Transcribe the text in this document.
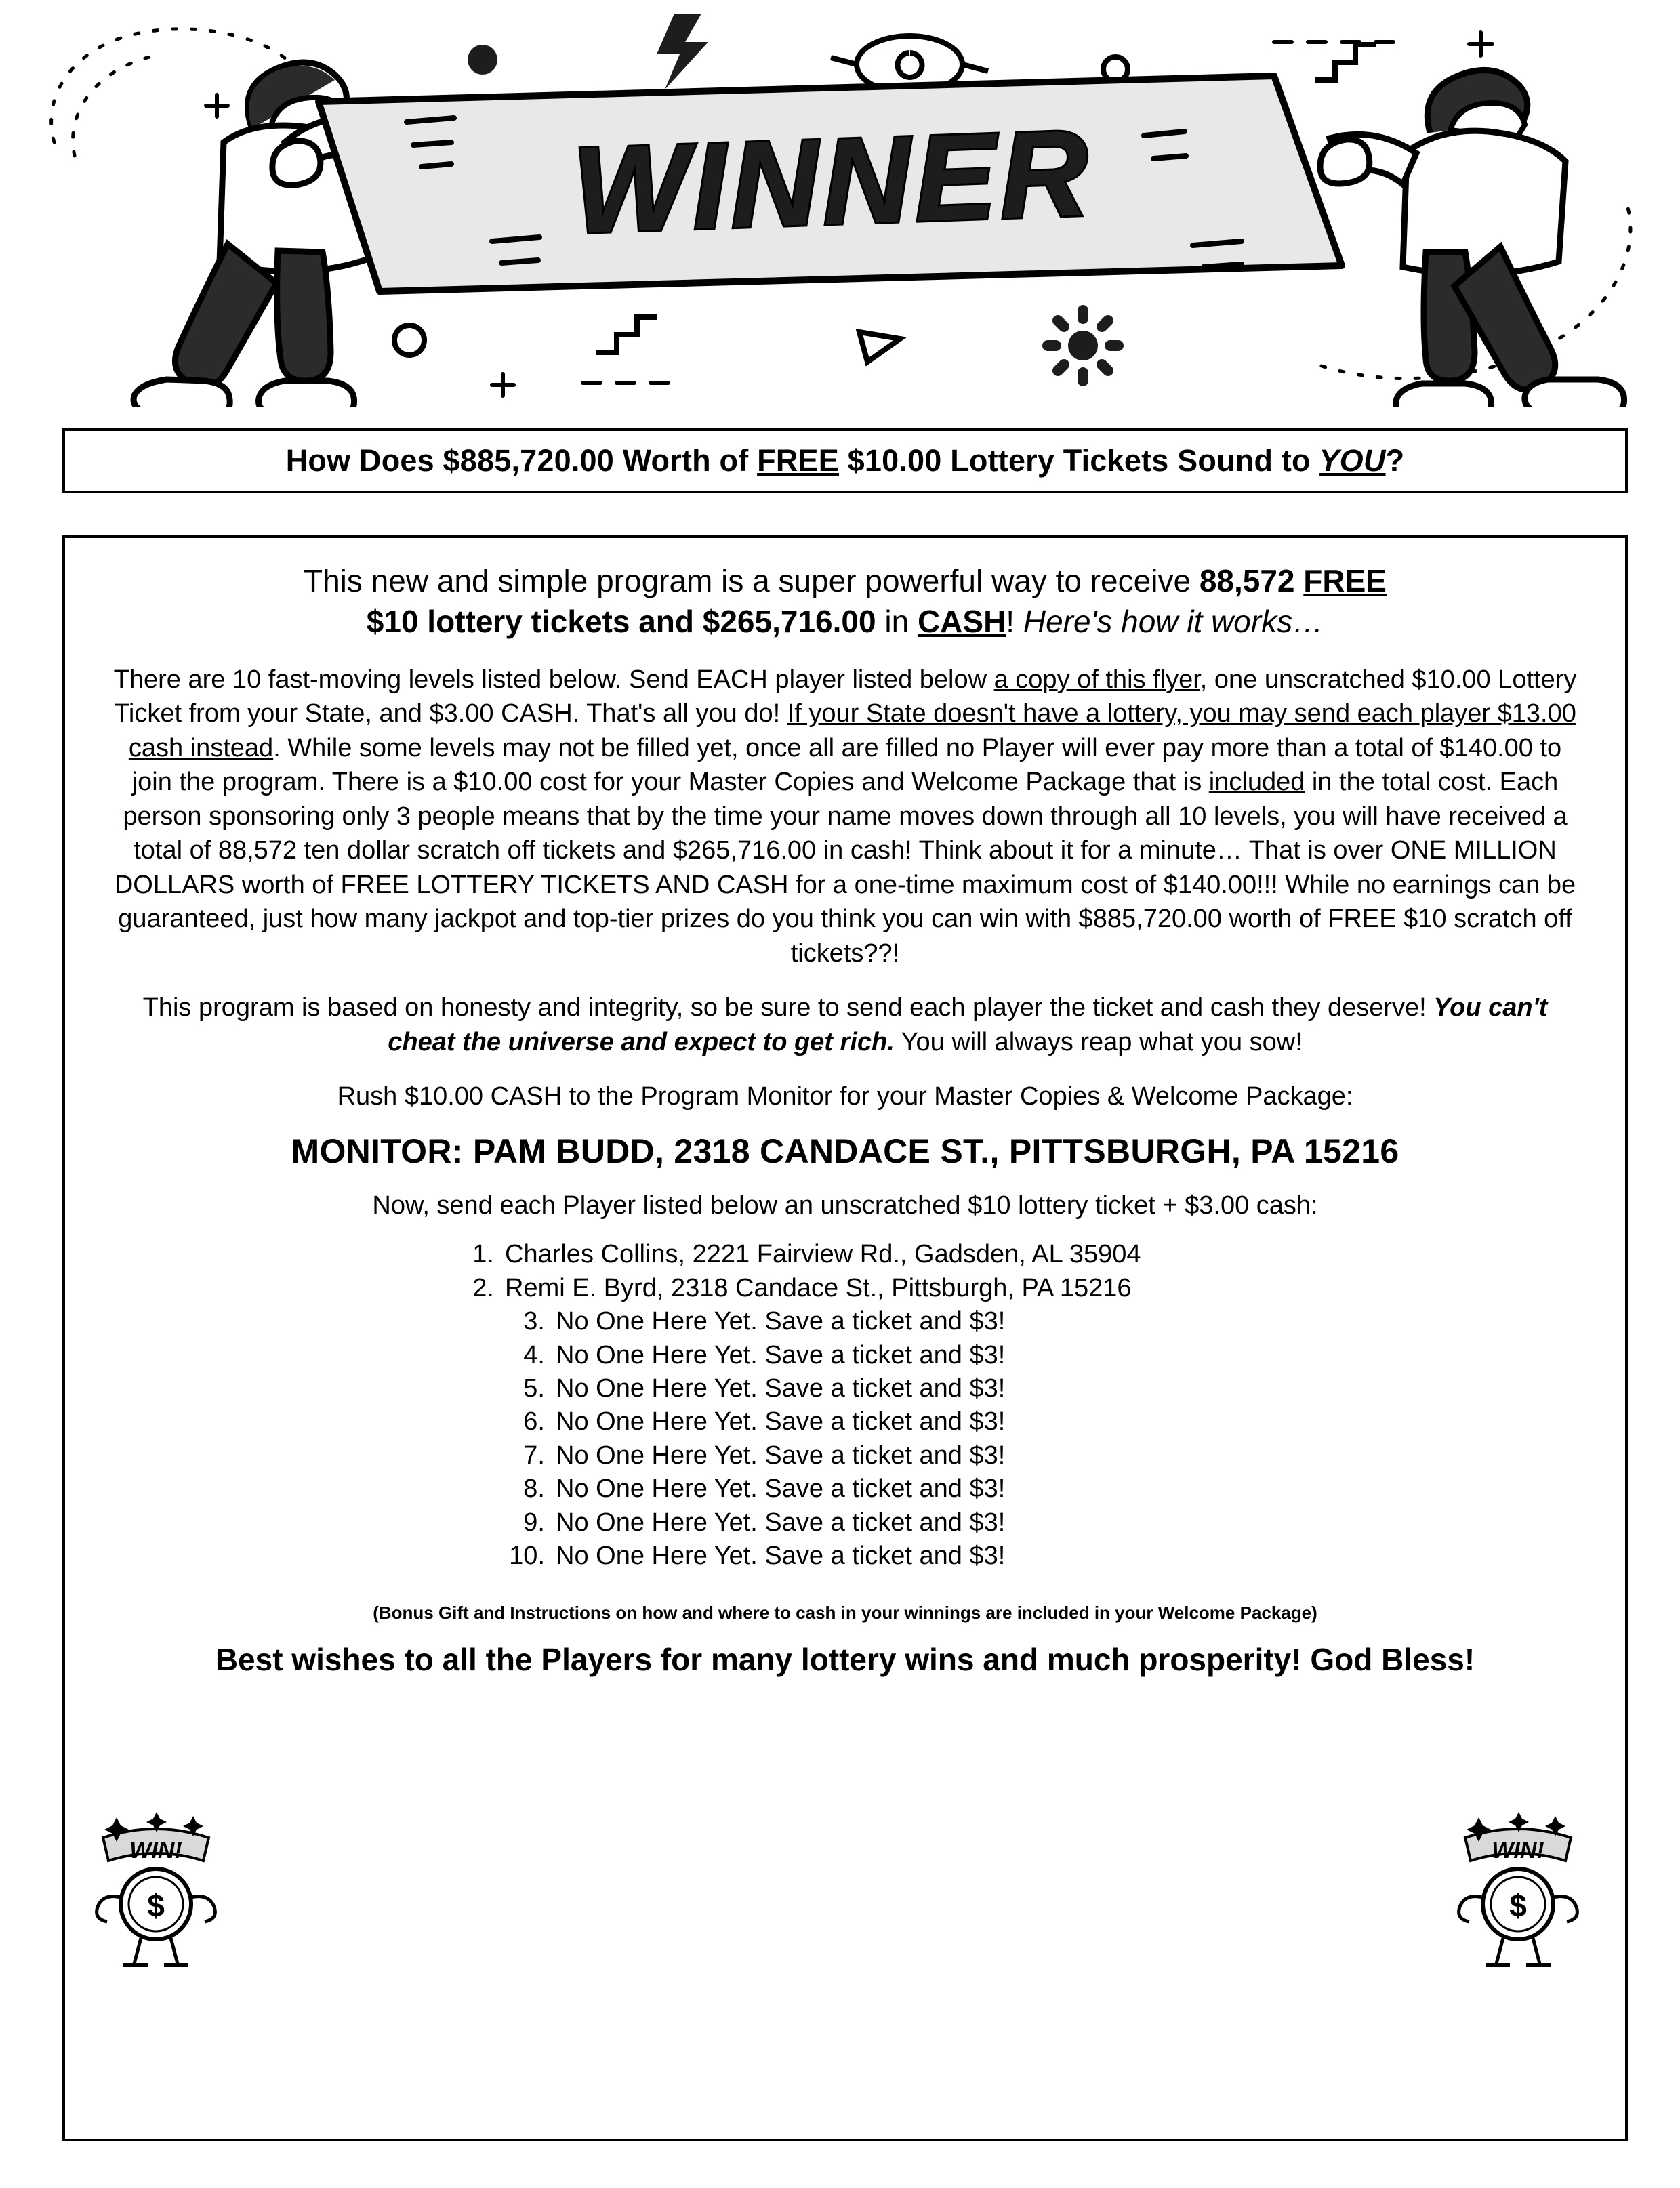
WINNER
How Does $885,720.00 Worth of FREE $10.00 Lottery Tickets Sound to YOU?
This new and simple program is a super powerful way to receive 88,572 FREE
$10 lottery tickets and $265,716.00 in CASH! Here's how it works…
There are 10 fast-moving levels listed below. Send EACH player listed below a copy of this flyer, one unscratched $10.00 Lottery Ticket from your State, and $3.00 CASH. That's all you do! If your State doesn't have a lottery, you may send each player $13.00 cash instead. While some levels may not be filled yet, once all are filled no Player will ever pay more than a total of $140.00 to join the program. There is a $10.00 cost for your Master Copies and Welcome Package that is included in the total cost. Each person sponsoring only 3 people means that by the time your name moves down through all 10 levels, you will have received a total of 88,572 ten dollar scratch off tickets and $265,716.00 in cash! Think about it for a minute… That is over ONE MILLION DOLLARS worth of FREE LOTTERY TICKETS AND CASH for a one-time maximum cost of $140.00!!! While no earnings can be guaranteed, just how many jackpot and top-tier prizes do you think you can win with $885,720.00 worth of FREE $10 scratch off tickets??!
This program is based on honesty and integrity, so be sure to send each player the ticket and cash they deserve! You can't cheat the universe and expect to get rich. You will always reap what you sow!
Rush $10.00 CASH to the Program Monitor for your Master Copies & Welcome Package:
MONITOR: PAM BUDD, 2318 CANDACE ST., PITTSBURGH, PA 15216
Now, send each Player listed below an unscratched $10 lottery ticket + $3.00 cash:
1. Charles Collins, 2221 Fairview Rd., Gadsden, AL 35904
2. Remi E. Byrd, 2318 Candace St., Pittsburgh, PA 15216
3. No One Here Yet. Save a ticket and $3!
4. No One Here Yet. Save a ticket and $3!
5. No One Here Yet. Save a ticket and $3!
6. No One Here Yet. Save a ticket and $3!
7. No One Here Yet. Save a ticket and $3!
8. No One Here Yet. Save a ticket and $3!
9. No One Here Yet. Save a ticket and $3!
10. No One Here Yet. Save a ticket and $3!
(Bonus Gift and Instructions on how and where to cash in your winnings are included in your Welcome Package)
Best wishes to all the Players for many lottery wins and much prosperity! God Bless!
WIN!
$
WIN!
$
